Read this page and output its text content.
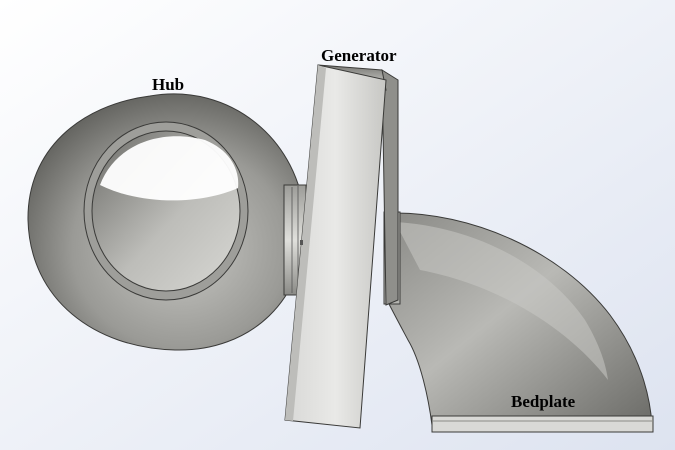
Hub
Generator
Bedplate
